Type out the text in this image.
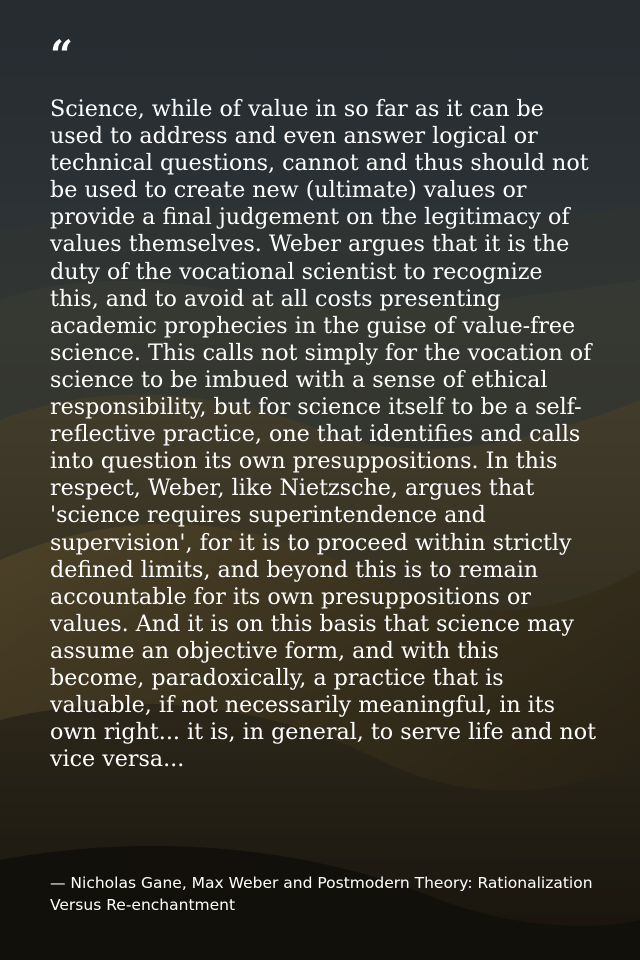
“

Science, while of value in so far as it can be used to address and even answer logical or technical questions, cannot and thus should not be used to create new (ultimate) values or provide a final judgement on the legitimacy of values themselves. Weber argues that it is the duty of the vocational scientist to recognize this, and to avoid at all costs presenting academic prophecies in the guise of value-free science. This calls not simply for the vocation of science to be imbued with a sense of ethical responsibility, but for science itself to be a self-reflective practice, one that identifies and calls into question its own presuppositions. In this respect, Weber, like Nietzsche, argues that 'science requires superintendence and supervision', for it is to proceed within strictly defined limits, and beyond this is to remain accountable for its own presuppositions or values. And it is on this basis that science may assume an objective form, and with this become, paradoxically, a practice that is valuable, if not necessarily meaningful, in its own right... it is, in general, to serve life and not vice versa...

— Nicholas Gane, Max Weber and Postmodern Theory: Rationalization Versus Re-enchantment
